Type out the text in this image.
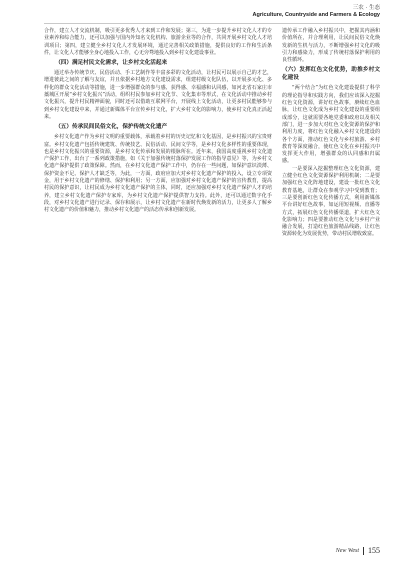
三农 · 生态
Agriculture, Countryside and Farmers & Ecology

合作，建立人才交流机制，吸引更多优秀人才来到工作和发展；第三，为进一步提升乡村文化人才的专业素养和综合能力，还可以加强与国内外知名文化机构、旅游企业等的合作，共同开展乡村文化人才培训项目；第四，建立健全乡村文化人才发展环境，通过完善相关政策措施，提供良好的工作和生活条件，让文化人才能够全身心地投入工作，心无旁骛地投入到乡村文化建设事业。

（四）满足村民文化需求，让乡村文化活起来

通过举办传统节庆、民俗活动、手工艺制作等丰富多彩的文化活动，让村民可以展示自己的才艺，增进彼此之间的了解与友谊，并且依据乡村地方文化建设需求，组建村级文化队伍，以开展多元化、多样化的群众文化活动等措施，进一步增强群众的参与感、获得感、幸福感和认同感，如河北省石家庄市藁城区开展“乡村文化振兴”活动，组织村民参加乡村文化节、文化集市等形式，在文化活动中推动乡村文化振兴，提升村民精神面貌，同时还可以借助互联网平台，开展线上文化活动，让更多村民能够参与到乡村文化建设中来，并通过新媒体平台宣传乡村文化，扩大乡村文化的影响力，使乡村文化真正活起来。

（五）传承民间民俗文化，保护传统文化遗产

乡村文化遗产作为乡村文明的重要载体，承载着乡村的历史记忆和文化基因，是乡村振兴的宝贵财富。乡村文化遗产包括传统建筑、传统技艺、民俗活动、民间文学等，是乡村文化多样性的重要体现，也是乡村文化振兴的重要资源，是乡村文化传承和发展的根脉所在。近年来，我国高度重视乡村文化遗产保护工作，出台了一系列政策措施，如《关于加强传统村落保护发展工作的指导意见》等，为乡村文化遗产保护提供了政策保障。然而，在乡村文化遗产保护工作中，仍存在一些问题，如保护意识淡薄、保护资金不足、保护人才缺乏等，为此，一方面，政府应加大对乡村文化遗产保护的投入，设立专项资金，用于乡村文化遗产的修缮、保护和利用；另一方面，应加强对乡村文化遗产保护的宣传教育，提高村民的保护意识，让村民成为乡村文化遗产保护的主体，同时，还应加强对乡村文化遗产保护人才的培养，建立乡村文化遗产保护专家库，为乡村文化遗产保护提供智力支持。此外，还可以通过数字化手段，对乡村文化遗产进行记录、保存和展示，让乡村文化遗产在新时代焕发新的活力，让更多人了解乡村文化遗产的价值和魅力，推动乡村文化遗产的活态传承和创新发展。

遗传承工作融入乡村振兴中，把握其内涵和价值所在，并合理利用，让民间民俗文化焕发新的生机与活力，不断增强乡村文化的吸引力和感染力，形成了传统村落保护利用的良性循环。

（六）发挥红色文化优势，助推乡村文化建设

“两个结合”为红色文化建设提供了科学的理论指导和实践方向，我们应该深入挖掘红色文化资源，讲好红色故事，赓续红色血脉，让红色文化成为乡村文化建设的重要组成部分，这就需要各地党委和政府以及相关部门，进一步加大对红色文化资源的保护和利用力度，将红色文化融入乡村文化建设的各个方面，推动红色文化与乡村旅游、乡村教育等深度融合，使红色文化在乡村振兴中发挥更大作用，增强群众的认同感和归属感。

一是要深入挖掘整理红色文化资源，建立健全红色文化资源保护利用机制；二是要加强红色文化阵地建设，建设一批红色文化教育基地，让群众在参观学习中受到教育；三是要创新红色文化传播方式，利用新媒体平台讲好红色故事，如运用短视频、直播等方式，拓展红色文化传播渠道，扩大红色文化影响力；四是要推动红色文化与乡村产业融合发展，打造红色旅游精品线路，让红色资源转化为发展优势，带动村民增收致富。

New West 155
